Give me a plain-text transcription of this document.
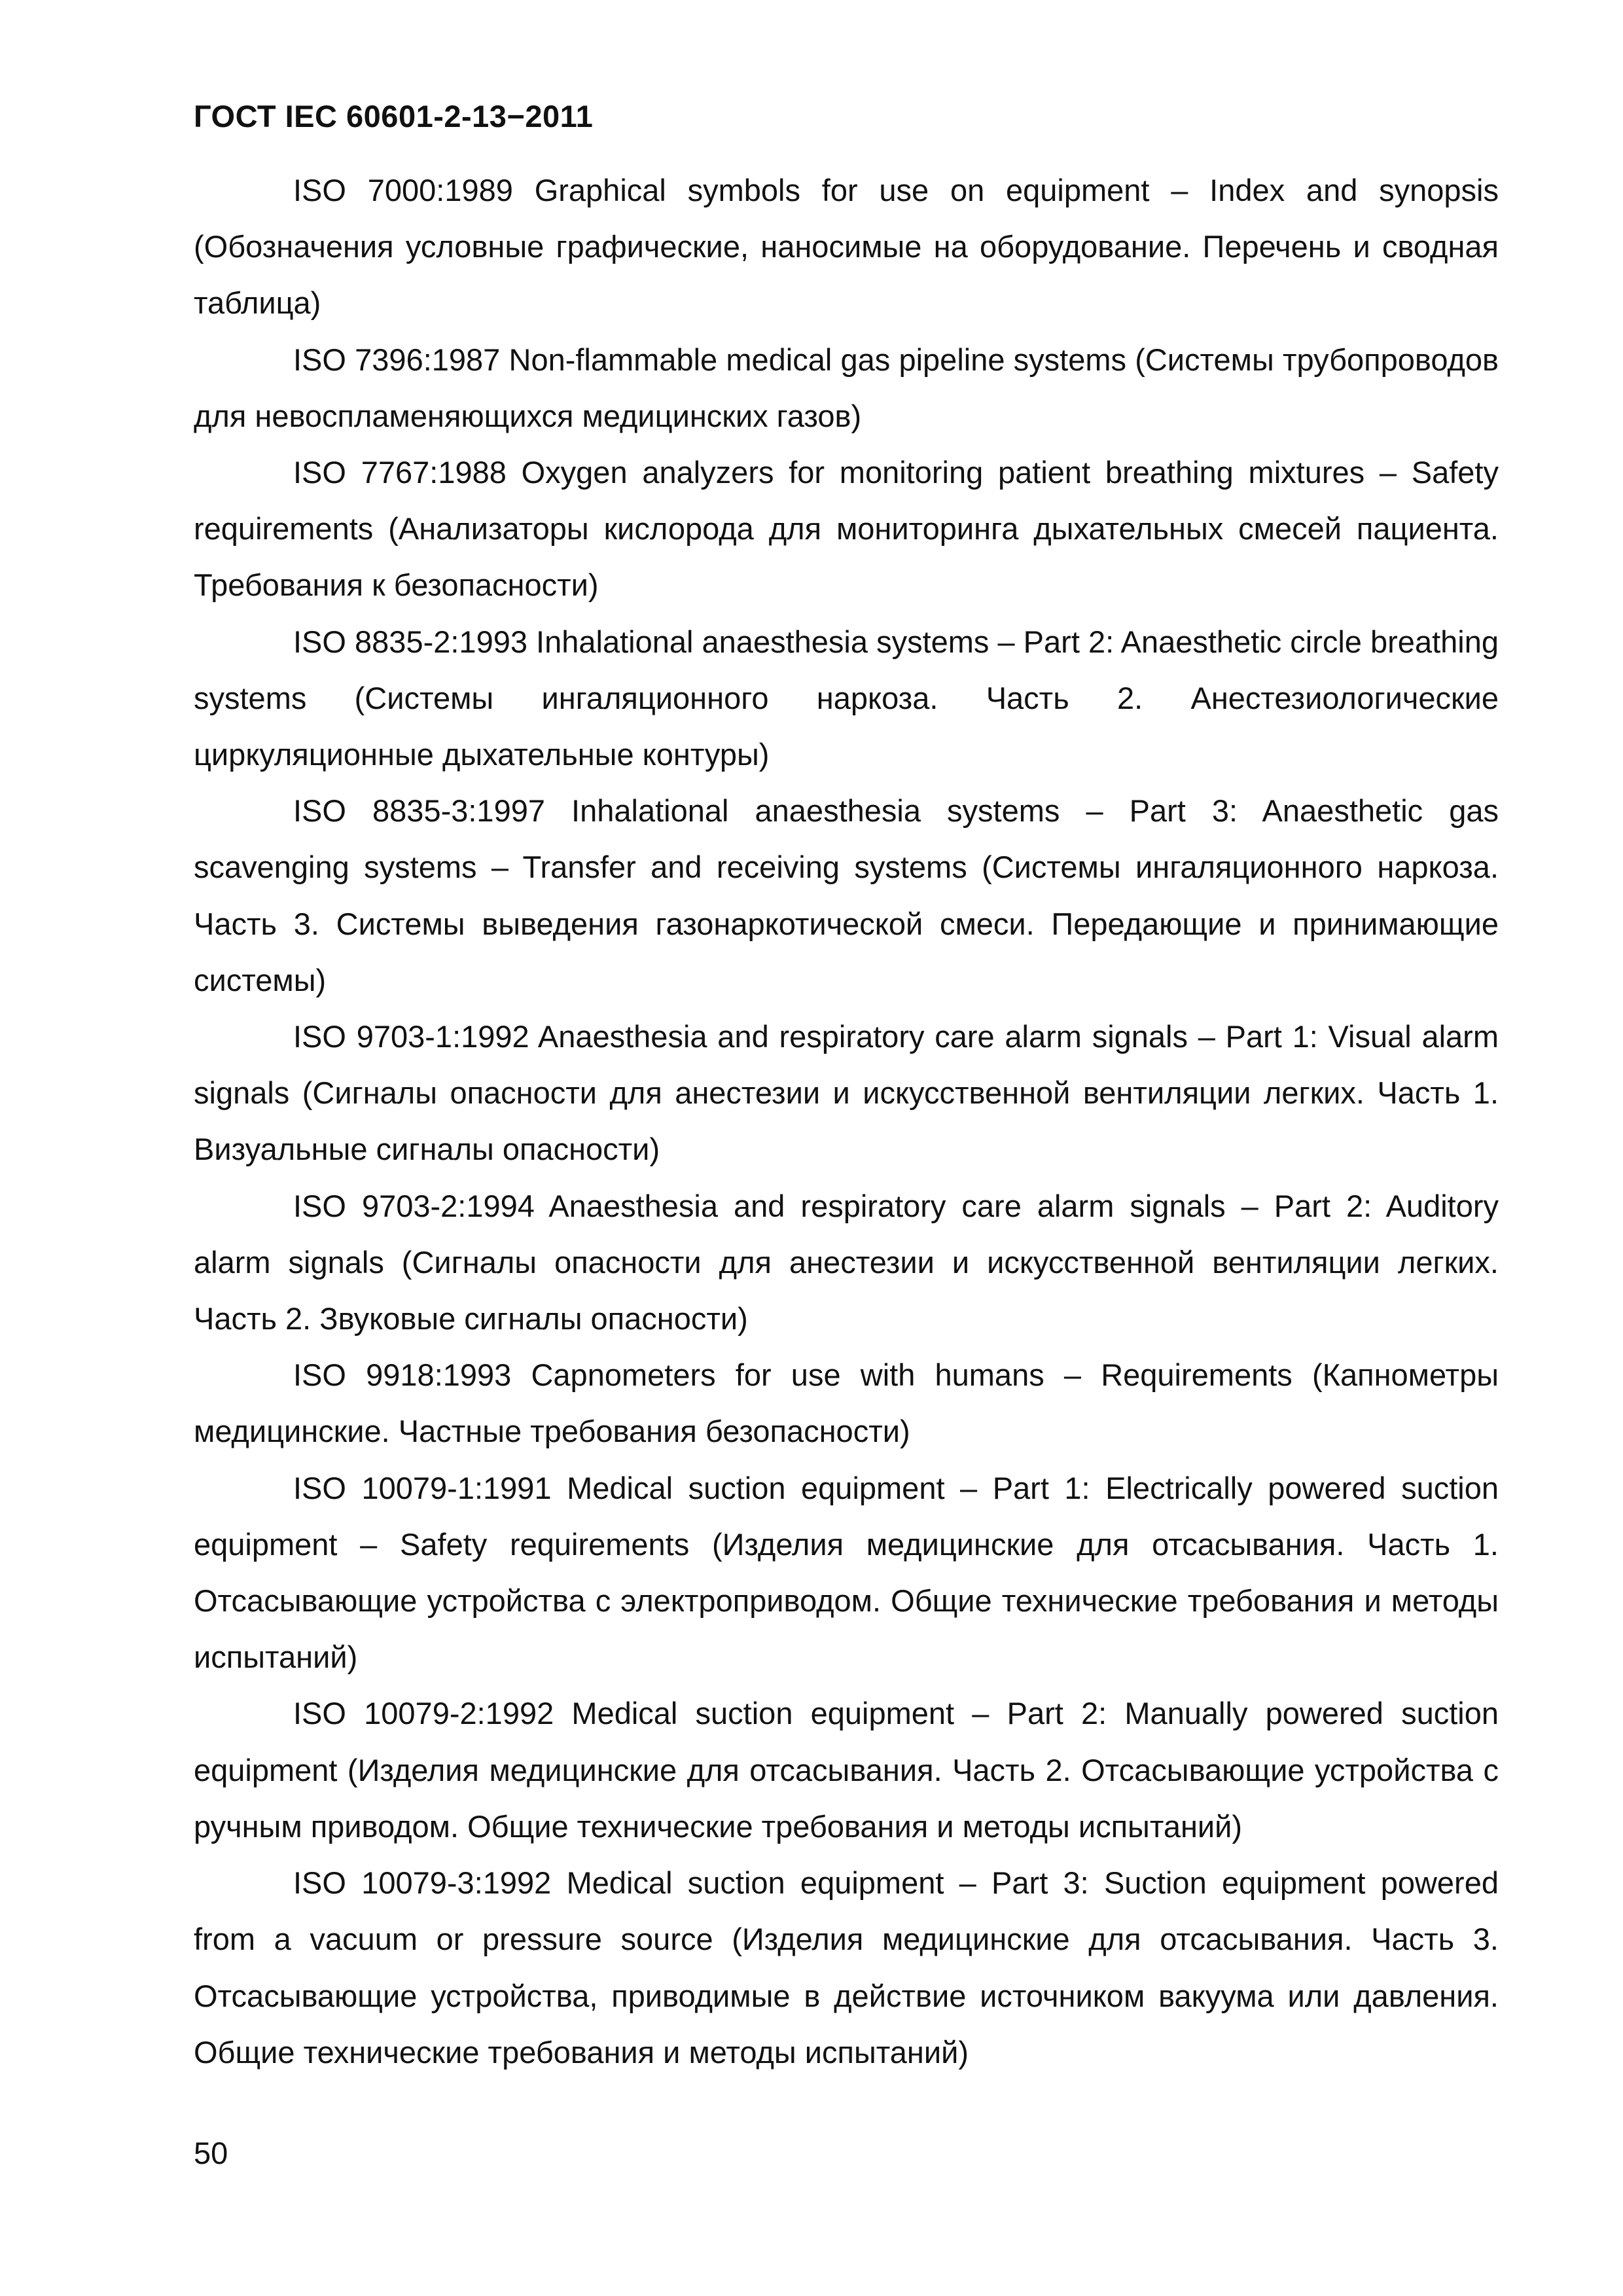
ГОСТ IEC 60601-2-13−2011

ISO 7000:1989 Graphical symbols for use on equipment – Index and synopsis (Обозначения условные графические, наносимые на оборудование. Перечень и сводная таблица)

ISO 7396:1987 Non-flammable medical gas pipeline systems (Системы трубопроводов для невоспламеняющихся медицинских газов)

ISO 7767:1988 Oxygen analyzers for monitoring patient breathing mixtures – Safety requirements (Анализаторы кислорода для мониторинга дыхательных смесей пациента. Требования к безопасности)

ISO 8835-2:1993 Inhalational anaesthesia systems – Part 2: Anaesthetic circle breathing systems (Системы ингаляционного наркоза. Часть 2. Анестезиологические циркуляционные дыхательные контуры)

ISO 8835-3:1997 Inhalational anaesthesia systems – Part 3: Anaesthetic gas scavenging systems – Transfer and receiving systems (Системы ингаляционного наркоза. Часть 3. Системы выведения газонаркотической смеси. Передающие и принимающие системы)

ISO 9703-1:1992 Anaesthesia and respiratory care alarm signals – Part 1: Visual alarm signals (Сигналы опасности для анестезии и искусственной вентиляции легких. Часть 1. Визуальные сигналы опасности)

ISO 9703-2:1994 Anaesthesia and respiratory care alarm signals – Part 2: Auditory alarm signals (Сигналы опасности для анестезии и искусственной вентиляции легких. Часть 2. Звуковые сигналы опасности)

ISO 9918:1993 Capnometers for use with humans – Requirements (Капнометры медицинские. Частные требования безопасности)

ISO 10079-1:1991 Medical suction equipment – Part 1: Electrically powered suction equipment – Safety requirements (Изделия медицинские для отсасывания. Часть 1. Отсасывающие устройства с электроприводом. Общие технические требования и методы испытаний)

ISO 10079-2:1992 Medical suction equipment – Part 2: Manually powered suction equipment (Изделия медицинские для отсасывания. Часть 2. Отсасывающие устройства с ручным приводом. Общие технические требования и методы испытаний)

ISO 10079-3:1992 Medical suction equipment – Part 3: Suction equipment powered from a vacuum or pressure source (Изделия медицинские для отсасывания. Часть 3. Отсасывающие устройства, приводимые в действие источником вакуума или давления. Общие технические требования и методы испытаний)

50
